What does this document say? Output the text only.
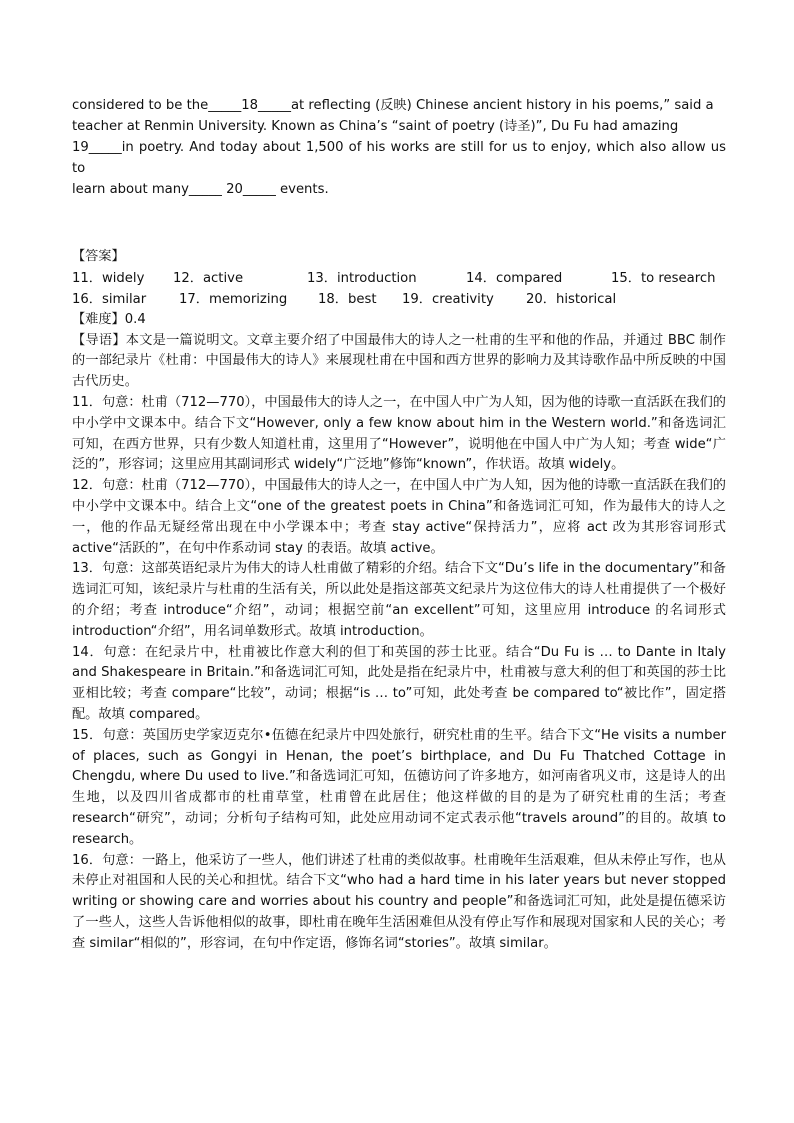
considered to be the_____18_____at reflecting (反映) Chinese ancient history in his poems,” said a

teacher at Renmin University. Known as China’s “saint of poetry (诗圣)”, Du Fu had amazing

19_____in poetry. And today about 1,500 of his works are still for us to enjoy, which also allow us to

learn about many_____ 20_____ events.

【答案】

11．widely	12．active	13．introduction	14．compared	15．to research
16．similar	17．memorizing	18．best	19．creativity	20．historical

【难度】0.4

【导语】本文是一篇说明文。文章主要介绍了中国最伟大的诗人之一杜甫的生平和他的作品，并通过 BBC 制作的一部纪录片《杜甫：中国最伟大的诗人》来展现杜甫在中国和西方世界的影响力及其诗歌作品中所反映的中国古代历史。

11．句意：杜甫（712—770），中国最伟大的诗人之一，在中国人中广为人知，因为他的诗歌一直活跃在我们的中小学中文课本中。结合下文“However, only a few know about him in the Western world.”和备选词汇可知，在西方世界，只有少数人知道杜甫，这里用了“However”，说明他在中国人中广为人知；考查 wide“广泛的”，形容词；这里应用其副词形式 widely“广泛地”修饰“known”，作状语。故填 widely。

12．句意：杜甫（712—770），中国最伟大的诗人之一，在中国人中广为人知，因为他的诗歌一直活跃在我们的中小学中文课本中。结合上文“one of the greatest poets in China”和备选词汇可知，作为最伟大的诗人之一，他的作品无疑经常出现在中小学课本中；考查 stay active“保持活力”，应将 act 改为其形容词形式 active“活跃的”，在句中作系动词 stay 的表语。故填 active。

13．句意：这部英语纪录片为伟大的诗人杜甫做了精彩的介绍。结合下文“Du’s life in the documentary”和备选词汇可知，该纪录片与杜甫的生活有关，所以此处是指这部英文纪录片为这位伟大的诗人杜甫提供了一个极好的介绍；考查 introduce“介绍”，动词；根据空前“an excellent”可知，这里应用 introduce 的名词形式 introduction“介绍”，用名词单数形式。故填 introduction。

14．句意：在纪录片中，杜甫被比作意大利的但丁和英国的莎士比亚。结合“Du Fu is … to Dante in Italy and Shakespeare in Britain.”和备选词汇可知，此处是指在纪录片中，杜甫被与意大利的但丁和英国的莎士比亚相比较；考查 compare“比较”，动词；根据“is … to”可知，此处考查 be compared to“被比作”，固定搭配。故填 compared。

15．句意：英国历史学家迈克尔•伍德在纪录片中四处旅行，研究杜甫的生平。结合下文“He visits a number of places, such as Gongyi in Henan, the poet’s birthplace, and Du Fu Thatched Cottage in Chengdu, where Du used to live.”和备选词汇可知，伍德访问了许多地方，如河南省巩义市，这是诗人的出生地，以及四川省成都市的杜甫草堂，杜甫曾在此居住；他这样做的目的是为了研究杜甫的生活；考查 research“研究”，动词；分析句子结构可知，此处应用动词不定式表示他“travels around”的目的。故填 to research。

16．句意：一路上，他采访了一些人，他们讲述了杜甫的类似故事。杜甫晚年生活艰难，但从未停止写作，也从未停止对祖国和人民的关心和担忧。结合下文“who had a hard time in his later years but never stopped writing or showing care and worries about his country and people”和备选词汇可知，此处是提伍德采访了一些人，这些人告诉他相似的故事，即杜甫在晚年生活困难但从没有停止写作和展现对国家和人民的关心；考查 similar“相似的”，形容词，在句中作定语，修饰名词“stories”。故填 similar。
